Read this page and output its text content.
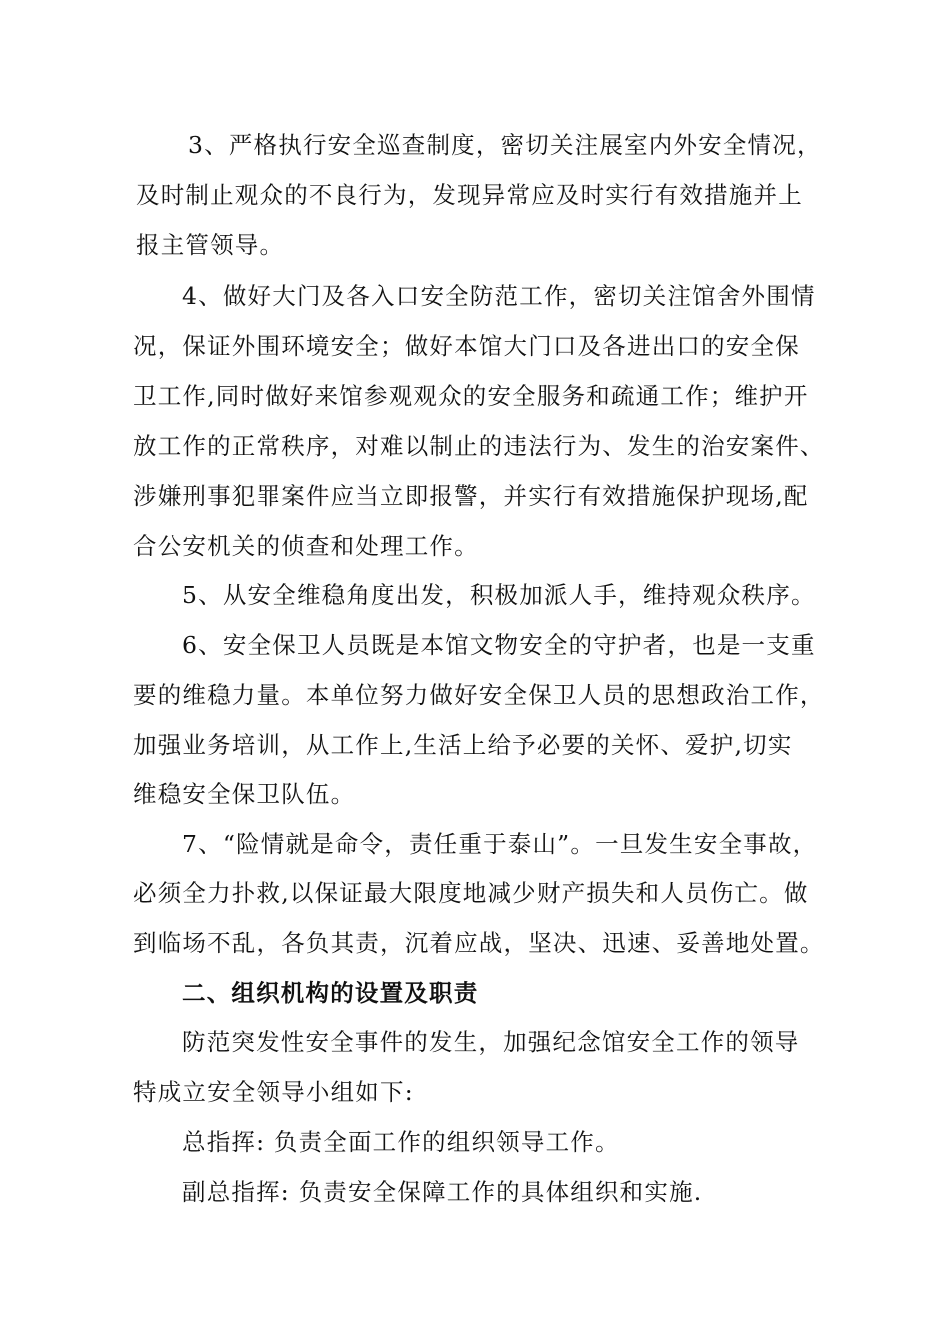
3、严格执行安全巡查制度，密切关注展室内外安全情况，
及时制止观众的不良行为，发现异常应及时实行有效措施并上
报主管领导。
4、做好大门及各入口安全防范工作，密切关注馆舍外围情
况，保证外围环境安全；做好本馆大门口及各进出口的安全保
卫工作,同时做好来馆参观观众的安全服务和疏通工作；维护开
放工作的正常秩序，对难以制止的违法行为、发生的治安案件、
涉嫌刑事犯罪案件应当立即报警，并实行有效措施保护现场,配
合公安机关的侦查和处理工作。
5、从安全维稳角度出发，积极加派人手，维持观众秩序。
6、安全保卫人员既是本馆文物安全的守护者，也是一支重
要的维稳力量。本单位努力做好安全保卫人员的思想政治工作，
加强业务培训，从工作上,生活上给予必要的关怀、爱护,切实
维稳安全保卫队伍。
7、“险情就是命令，责任重于泰山”。一旦发生安全事故，
必须全力扑救,以保证最大限度地减少财产损失和人员伤亡。做
到临场不乱，各负其责，沉着应战，坚决、迅速、妥善地处置。
二、组织机构的设置及职责
防范突发性安全事件的发生，加强纪念馆安全工作的领导
特成立安全领导小组如下:
总指挥: 负责全面工作的组织领导工作。
副总指挥: 负责安全保障工作的具体组织和实施.
